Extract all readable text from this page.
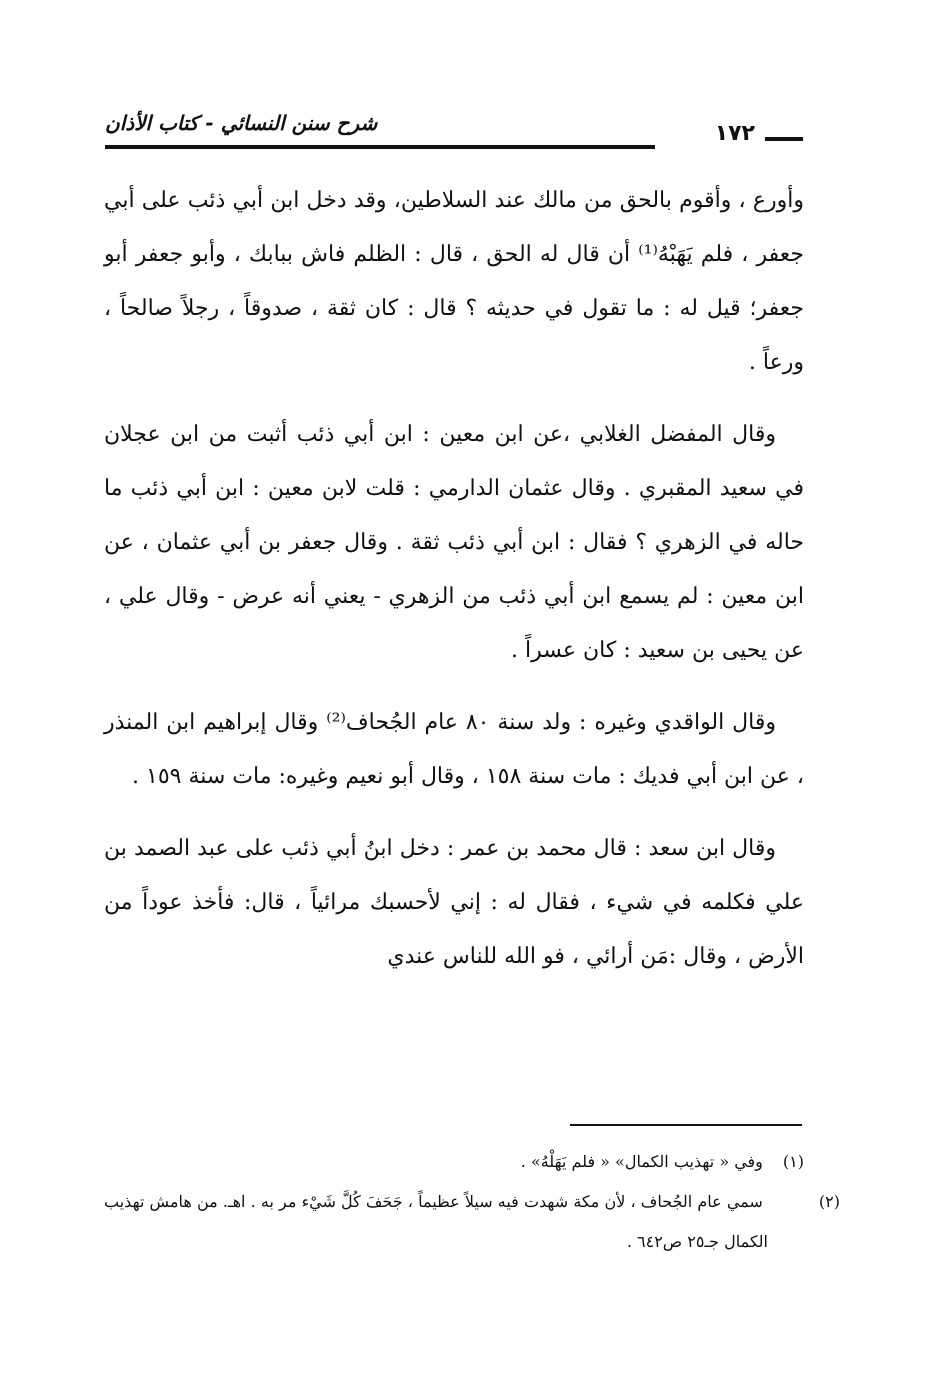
شرح سنن النسائي - كتاب الأذان	١٧٢

وأورع ، وأقوم بالحق من مالك عند السلاطين، وقد دخل ابن أبي ذئب على أبي جعفر ، فلم يَهَبْهُ⁽¹⁾ أن قال له الحق ، قال : الظلم فاش ببابك ، وأبو جعفر أبو جعفر؛ قيل له : ما تقول في حديثه ؟ قال : كان ثقة ، صدوقاً ، رجلاً صالحاً ، ورعاً .

وقال المفضل الغلابي ،عن ابن معين : ابن أبي ذئب أثبت من ابن عجلان في سعيد المقبري . وقال عثمان الدارمي : قلت لابن معين : ابن أبي ذئب ما حاله في الزهري ؟ فقال : ابن أبي ذئب ثقة . وقال جعفر بن أبي عثمان ، عن ابن معين : لم يسمع ابن أبي ذئب من الزهري - يعني أنه عرض - وقال علي ، عن يحيى بن سعيد : كان عسراً .

وقال الواقدي وغيره : ولد سنة ٨٠ عام الجُحاف⁽²⁾ وقال إبراهيم ابن المنذر ، عن ابن أبي فديك : مات سنة ١٥٨ ، وقال أبو نعيم وغيره: مات سنة ١٥٩ .

وقال ابن سعد : قال محمد بن عمر : دخل ابنُ أبي ذئب على عبد الصمد بن علي فكلمه في شيء ، فقال له : إني لأحسبك مرائياً ، قال: فأخذ عوداً من الأرض ، وقال :مَن أرائي ، فو الله للناس عندي

(١) وفي « تهذيب الكمال» « فلم يَهَلْهُ» .

(٢) سمي عام الجُحاف ، لأن مكة شهدت فيه سيلاً عظيماً ، جَحَفَ كُلَّ شَيْء مر به . اهـ. من هامش تهذيب الكمال جـ٢٥ ص٦٤٢ .
